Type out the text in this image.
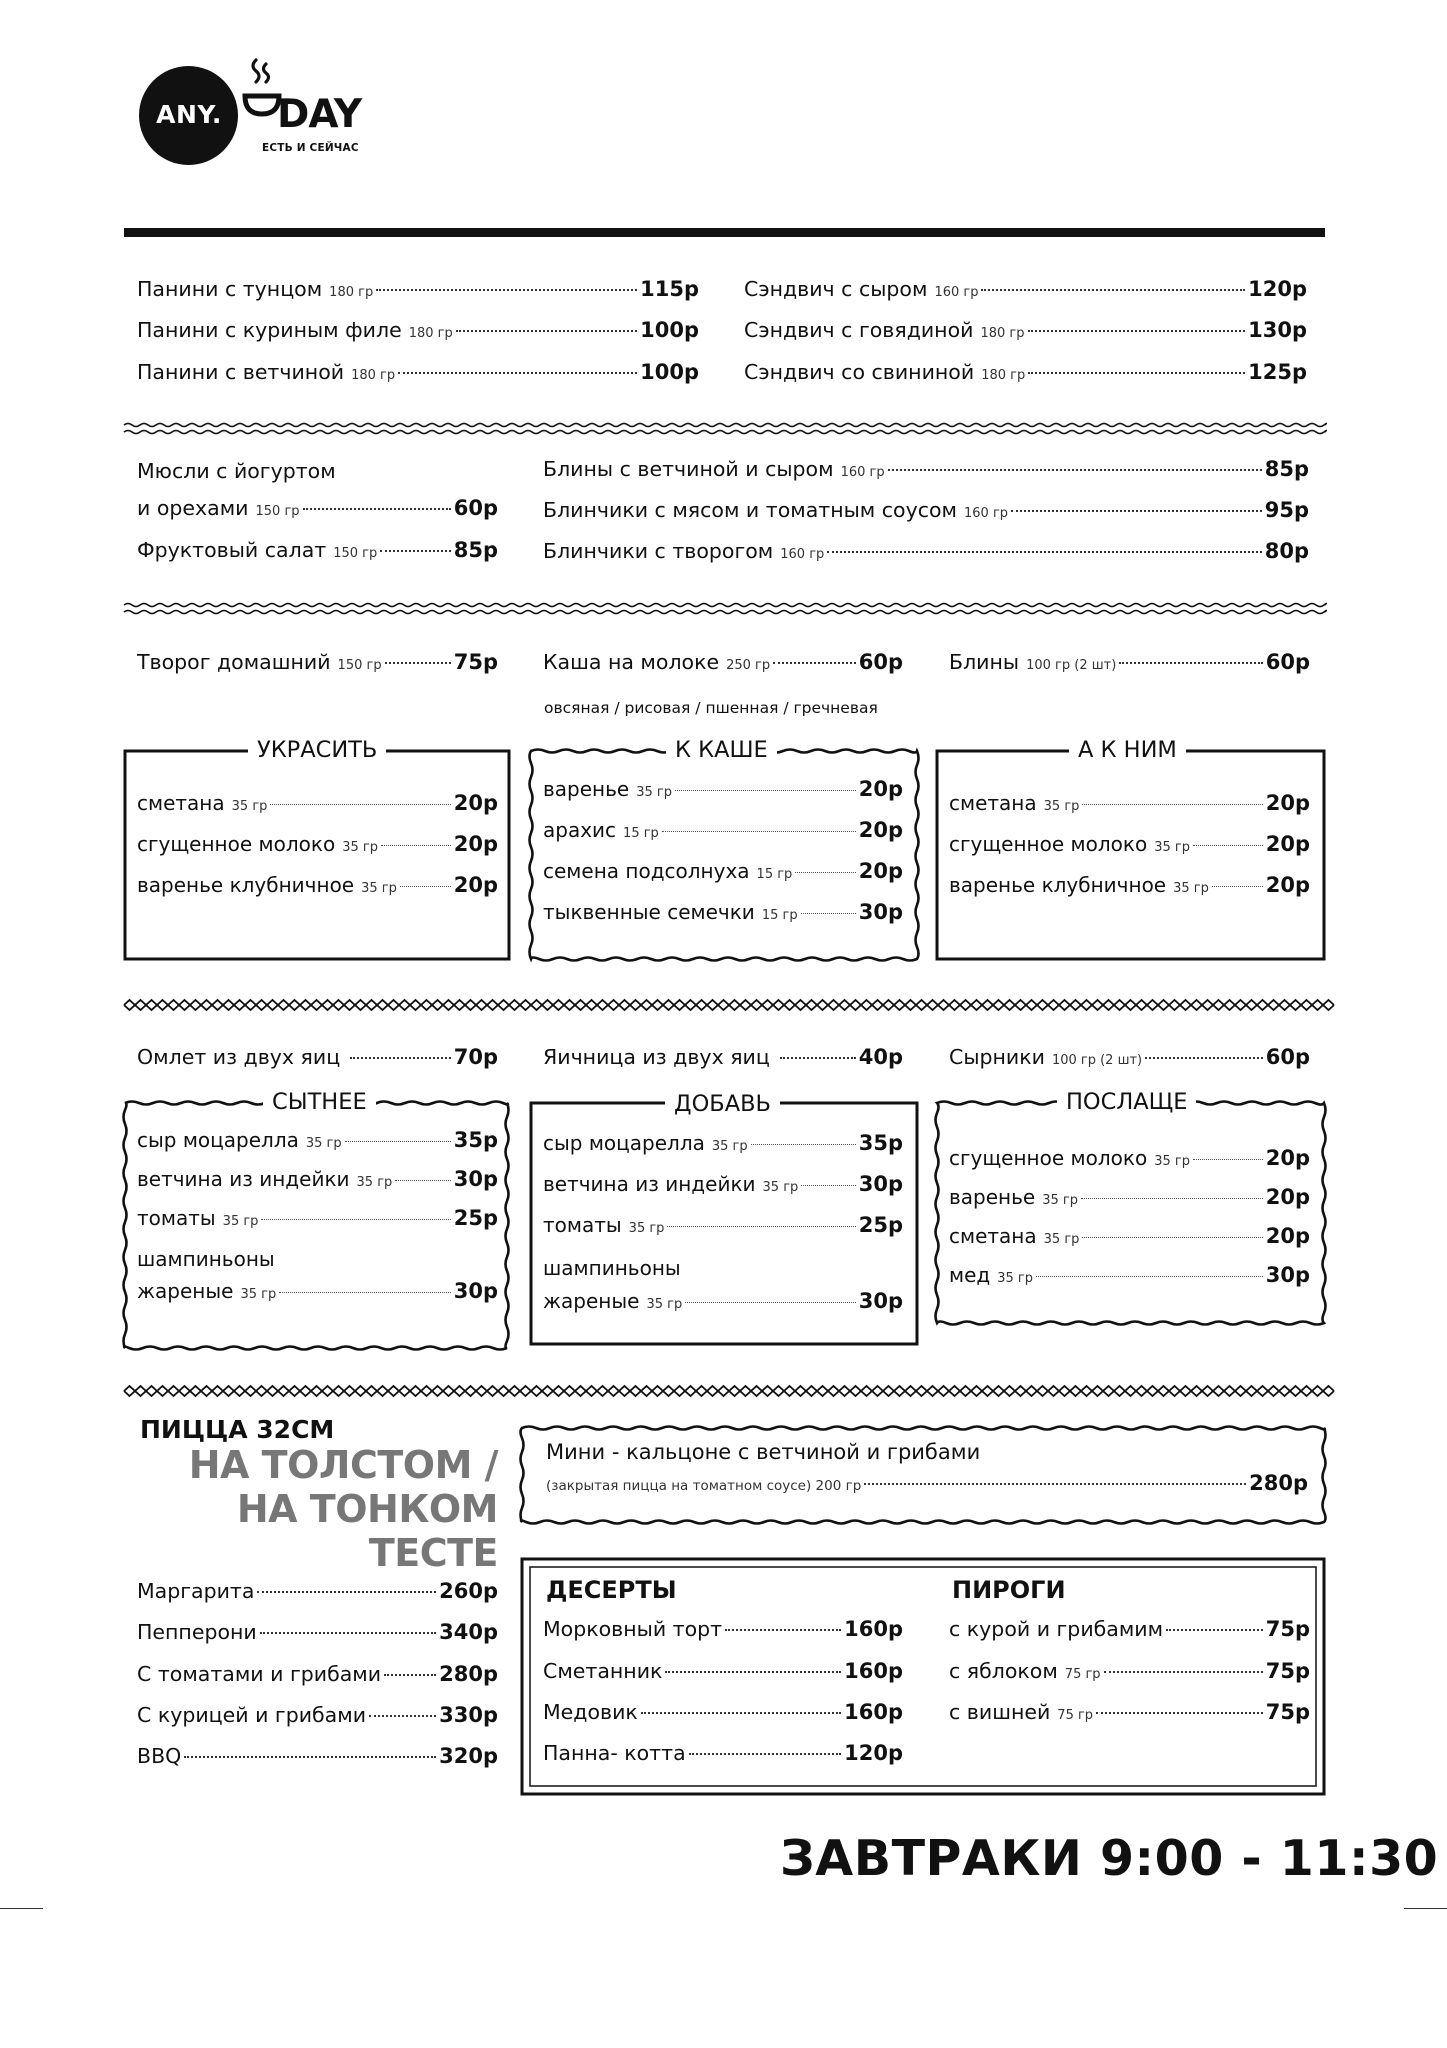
ANY. DAY
ЕСТЬ И СЕЙЧАС
Панини с тунцом 180 гр	115р
Панини с куриным филе 180 гр	100р
Панини с ветчиной 180 гр	100р
Сэндвич с сыром 160 гр	120р
Сэндвич с говядиной 180 гр	130р
Сэндвич со свининой 180 гр	125р
Мюсли с йогуртом
и орехами 150 гр	60р
Фруктовый салат 150 гр	85р
Блины с ветчиной и сыром 160 гр	85р
Блинчики с мясом и томатным соусом 160 гр	95р
Блинчики с творогом 160 гр	80р
Творог домашний 150 гр	75р Каша на молоке 250 гр	60р
овсяная / рисовая / пшенная / гречневая
Блины 100 гр (2 шт)	60р
УКРАСИТЬ	К КАШЕ	А К НИМ
сметана 35 гр	20р
сгущенное молоко 35 гр	20р
варенье клубничное 35 гр	20р
варенье 35 гр	20р
арахис 15 гр	20р
семена подсолнуха 15 гр	20р
тыквенные семечки 15 гр	30р
сметана 35 гр	20р
сгущенное молоко 35 гр	20р
варенье клубничное 35 гр	20р
Омлет из двух яиц	70р Яичница из двух яиц	40р Сырники 100 гр (2 шт)	60р
СЫТНЕЕ	ДОБАВЬ	ПОСЛАЩЕ
сыр моцарелла 35 гр	35р
ветчина из индейки 35 гр	30р
томаты 35 гр	25р
шампиньоны
жареные 35 гр	30р
сыр моцарелла 35 гр	35р
ветчина из индейки 35 гр	30р
томаты 35 гр	25р
шампиньоны
жареные 35 гр	30р
сгущенное молоко 35 гр	20р
варенье 35 гр	20р
сметана 35 гр	20р
мед 35 гр	30р
ПИЦЦА 32СМ
НА ТОЛСТОМ /
НА ТОНКОМ
ТЕСТЕ
Маргарита	260р
Пепперони	340р
С томатами и грибами	280р
С курицей и грибами	330р
BBQ	320р
Мини - кальцоне с ветчиной и грибами
(закрытая пицца на томатном соусе) 200 гр	280р
ДЕСЕРТЫ
Морковный торт	160р
Сметанник	160р
Медовик	160р
Панна- котта	120р
ПИРОГИ
с курой и грибамим	75р
с яблоком 75 гр	75р
с вишней 75 гр	75р
ЗАВТРАКИ 9:00 - 11:30
